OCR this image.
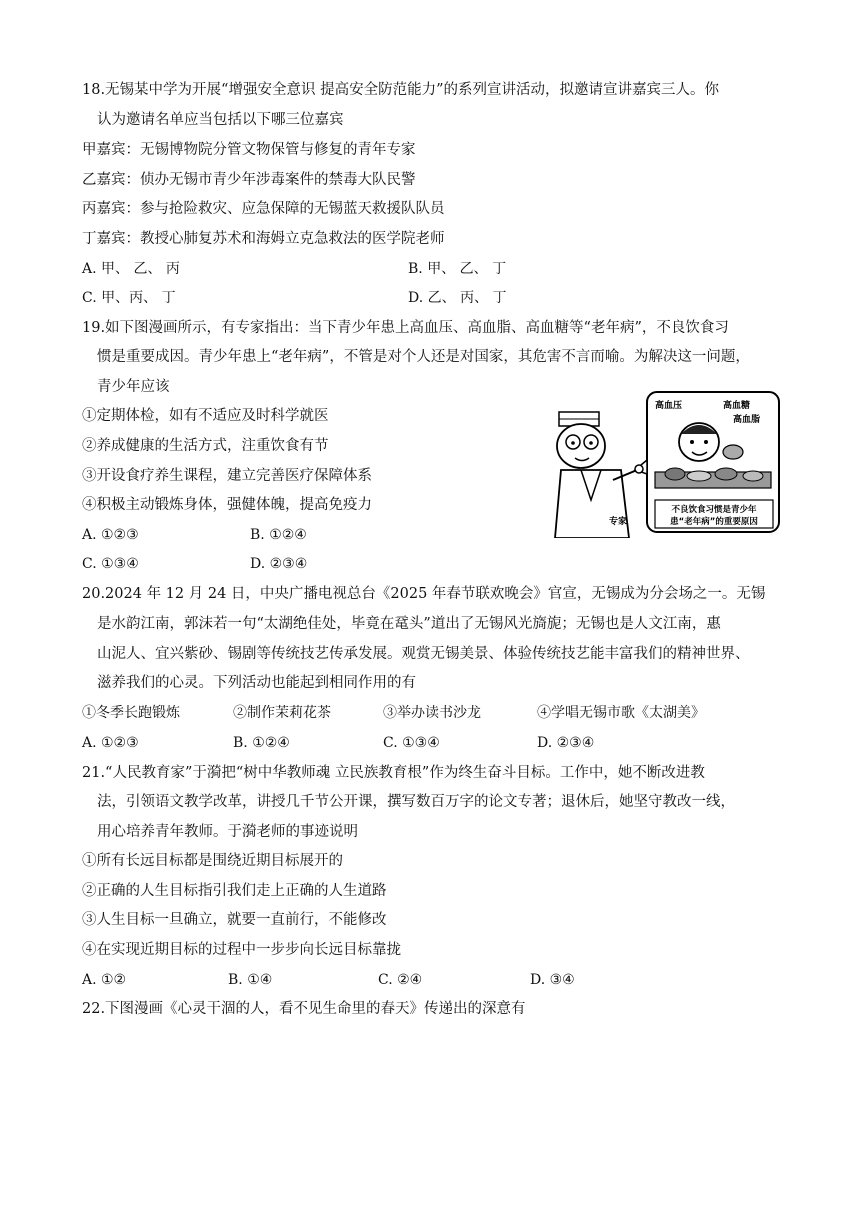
18.无锡某中学为开展“增强安全意识 提高安全防范能力”的系列宣讲活动，拟邀请宣讲嘉宾三人。你
认为邀请名单应当包括以下哪三位嘉宾
甲嘉宾：无锡博物院分管文物保管与修复的青年专家
乙嘉宾：侦办无锡市青少年涉毒案件的禁毒大队民警
丙嘉宾：参与抢险救灾、应急保障的无锡蓝天救援队队员
丁嘉宾：教授心肺复苏术和海姆立克急救法的医学院老师
A. 甲、 乙、 丙	B. 甲、 乙、 丁
C. 甲、丙、 丁	D. 乙、 丙、 丁
19.如下图漫画所示，有专家指出：当下青少年患上高血压、高血脂、高血糖等“老年病”，不良饮食习
惯是重要成因。青少年患上“老年病”，不管是对个人还是对国家，其危害不言而喻。为解决这一问题，
青少年应该
①定期体检，如有不适应及时科学就医
②养成健康的生活方式，注重饮食有节
③开设食疗养生课程，建立完善医疗保障体系
④积极主动锻炼身体，强健体魄，提高免疫力
A. ①②③	B. ①②④
C. ①③④	D. ②③④
高血压	高血糖
高血脂
不良饮食习惯是青少年
患“老年病”的重要原因
专家
20.2024 年 12 月 24 日，中央广播电视总台《2025 年春节联欢晚会》官宣，无锡成为分会场之一。无锡
是水韵江南，郭沫若一句“太湖绝佳处，毕竟在鼋头”道出了无锡风光旖旎；无锡也是人文江南，惠
山泥人、宜兴紫砂、锡剧等传统技艺传承发展。观赏无锡美景、体验传统技艺能丰富我们的精神世界、
滋养我们的心灵。下列活动也能起到相同作用的有
①冬季长跑锻炼	②制作茉莉花茶	③举办读书沙龙	④学唱无锡市歌《太湖美》
A. ①②③	B. ①②④	C. ①③④	D. ②③④
21.“人民教育家”于漪把“树中华教师魂 立民族教育根”作为终生奋斗目标。工作中，她不断改进教
法，引领语文教学改革，讲授几千节公开课，撰写数百万字的论文专著；退休后，她坚守教改一线，
用心培养青年教师。于漪老师的事迹说明
①所有长远目标都是围绕近期目标展开的
②正确的人生目标指引我们走上正确的人生道路
③人生目标一旦确立，就要一直前行，不能修改
④在实现近期目标的过程中一步步向长远目标靠拢
A. ①②	B. ①④	C. ②④	D. ③④
22.下图漫画《心灵干涸的人，看不见生命里的春天》传递出的深意有
